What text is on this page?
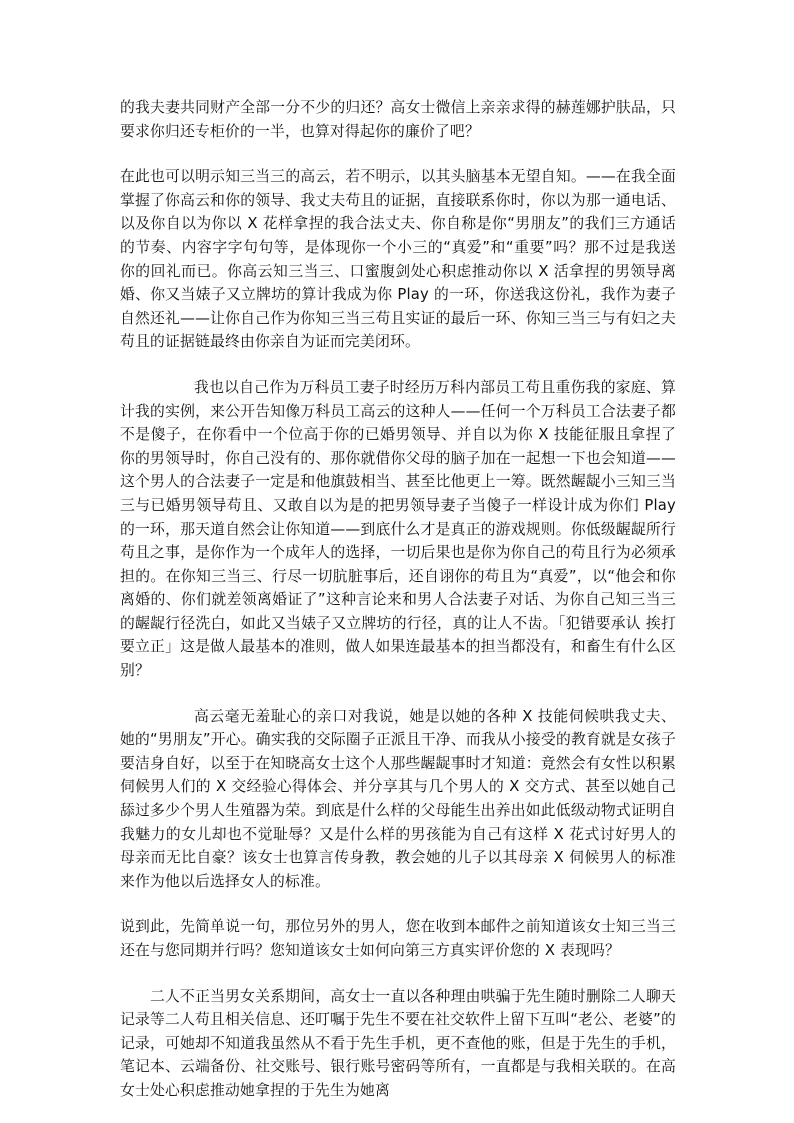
的我夫妻共同财产全部一分不少的归还？高女士微信上亲亲求得的赫莲娜护肤品，只要求你归还专柜价的一半，也算对得起你的廉价了吧？

在此也可以明示知三当三的高云，若不明示，以其头脑基本无望自知。——在我全面掌握了你高云和你的领导、我丈夫苟且的证据，直接联系你时，你以为那一通电话、以及你自以为你以 X 花样拿捏的我合法丈夫、你自称是你“男朋友”的我们三方通话的节奏、内容字字句句等，是体现你一个小三的“真爱”和“重要”吗？那不过是我送你的回礼而已。你高云知三当三、口蜜腹剑处心积虑推动你以 X 活拿捏的男领导离婚、你又当婊子又立牌坊的算计我成为你 Play 的一环，你送我这份礼，我作为妻子自然还礼——让你自己作为你知三当三苟且实证的最后一环、你知三当三与有妇之夫苟且的证据链最终由你亲自为证而完美闭环。

我也以自己作为万科员工妻子时经历万科内部员工苟且重伤我的家庭、算计我的实例，来公开告知像万科员工高云的这种人——任何一个万科员工合法妻子都不是傻子，在你看中一个位高于你的已婚男领导、并自以为你 X 技能征服且拿捏了你的男领导时，你自己没有的、那你就借你父母的脑子加在一起想一下也会知道——这个男人的合法妻子一定是和他旗鼓相当、甚至比他更上一筹。既然龌龊小三知三当三与已婚男领导苟且、又敢自以为是的把男领导妻子当傻子一样设计成为你们 Play 的一环，那天道自然会让你知道——到底什么才是真正的游戏规则。你低级龌龊所行苟且之事，是你作为一个成年人的选择，一切后果也是你为你自己的苟且行为必须承担的。在你知三当三、行尽一切肮脏事后，还自诩你的苟且为“真爱”，以“他会和你离婚的、你们就差领离婚证了”这种言论来和男人合法妻子对话、为你自己知三当三的龌龊行径洗白，如此又当婊子又立牌坊的行径，真的让人不齿。「犯错要承认 挨打要立正」这是做人最基本的准则，做人如果连最基本的担当都没有，和畜生有什么区别？

高云毫无羞耻心的亲口对我说，她是以她的各种 X 技能伺候哄我丈夫、她的“男朋友”开心。确实我的交际圈子正派且干净、而我从小接受的教育就是女孩子要洁身自好，以至于在知晓高女士这个人那些龌龊事时才知道：竟然会有女性以积累伺候男人们的 X 交经验心得体会、并分享其与几个男人的 X 交方式、甚至以她自己舔过多少个男人生殖器为荣。到底是什么样的父母能生出养出如此低级动物式证明自我魅力的女儿却也不觉耻辱？又是什么样的男孩能为自己有这样 X 花式讨好男人的母亲而无比自豪？该女士也算言传身教，教会她的儿子以其母亲 X 伺候男人的标准来作为他以后选择女人的标准。

说到此，先简单说一句，那位另外的男人，您在收到本邮件之前知道该女士知三当三还在与您同期并行吗？您知道该女士如何向第三方真实评价您的 X 表现吗？

二人不正当男女关系期间，高女士一直以各种理由哄骗于先生随时删除二人聊天记录等二人苟且相关信息、还叮嘱于先生不要在社交软件上留下互叫“老公、老婆”的记录，可她却不知道我虽然从不看于先生手机，更不查他的账，但是于先生的手机，笔记本、云端备份、社交账号、银行账号密码等所有，一直都是与我相关联的。在高女士处心积虑推动她拿捏的于先生为她离
